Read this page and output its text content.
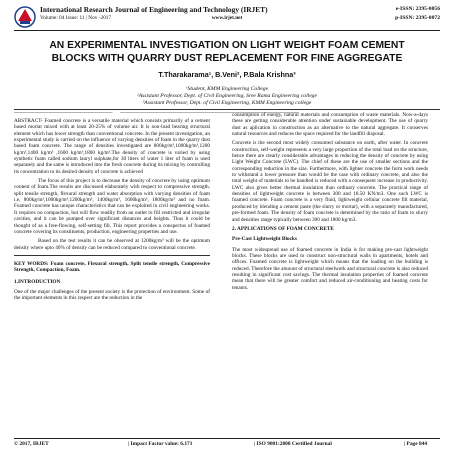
International Research Journal of Engineering and Technology (IRJET)
Volume: 04 Issue: 11 | Nov -2017	www.irjet.net
e-ISSN: 2395-0056
p-ISSN: 2395-0072
AN EXPERIMENTAL INVESTIGATION ON LIGHT WEIGHT FOAM CEMENT
BLOCKS WITH QUARRY DUST REPLACEMENT FOR FINE AGGREGATE
T.Tharakarama¹, B.Veni², P.Bala Krishna³
¹Student, KMM Engineering College
²Assistant Professor, Dept. of Civil Engineering, Sree Rama Engineering college
³Assistant Professor, Dept. of Civil Engineering, KMM Engineering college
------------------------------------------------------------------------ -----------------------------------------------------------------------------------------------------------------------------------

ABSTRACT- Foamed concrete is a versatile material which consists primarily of a cement based mortar mixed with at least 20-25% of volume air. It is non-load bearing structural element which has lower strength than conventional concrete. In the present investigation, an experimental study is carried on the influence of varying densities of foam in the quarry dust based foam concrete. The range of densities investigated are 800kg/m³,1000kg/m³,1200 kg/m³,1400 kg/m³ ,1600 kg/m³,1800 kg/m³.The density of concrete is varied by using synthetic foam called sodium lauryl sulphate,for 30 liters of water 1 liter of foam is used separately and the same is introduced into the fresh concrete during its mixing by controlling its concentration to its desired density of concrete is achieved

The focus of this project is to decrease the density of concrete by using optimum content of foam.The results are discussed elaborately with respect to compressive strength, split tensile strength, flexural strength and water absorption with varying densities of foam i.e, 800kg/m³,1000kg/m³,1200kg/m³, 1400kg/m³, 1600kg/m³, 1800kg/m³ and no foam. Foamed concrete has unique characteristics that can be exploited in civil engineering works. It requires no compaction, but will flow readily from an outlet to fill restricted and irregular cavities, and it can be pumped over significant distances and heights. Thus it could be thought of as a free-flowing, self-setting fill. This report provides a conspectus of foamed concrete covering its constituents, production, engineering properties and use.

Based on the test results it can be observed at 1200kg/m³ will be the optimum density where upto 40% of density can be reduced compared to conventional concrete.

KEY WORDS: Foam concrete, Flexural strength, Split tensile strength, Compressive Strength, Compaction, Foam.
1.INTRODUCTION

One of the major challenges of the present society is the protection of environment. Some of the important elements in this respect are the reduction in the

consumption of energy, natural materials and consumption of waste materials. Now-a-days these are getting considerable attention under sustainable development. The use of quarry dust as aplication in construction as an alternative to the natural aggregate. It conserves natural resources and reduces the space required for the landfill disposal.

Concrete is the second most widely consumed substance on earth, after water. In concrete construction, self-weight represents a very large proportion of the total load on the structure, hence there are clearly considerable advantages in reducing the density of concrete by using Light Weight Concrete (LWC). The chief of these are the use of smaller sections and the corresponding reduction in the size. Furthermore, with lighter concrete the form work needs to withstand a lower pressure than would be the case with ordinary concrete, and also the total weight of materials to be handled is reduced with a consequent increase in productivity. LWC also gives better thermal insulation than ordinary concrete. The practical range of densities of lightweight concrete is between 300 and 18.50 KN/m3. One such LWC is foamed concrete. Foam concrete is a very fluid, lightweight cellular concrete fill material, produced by blending a cement paste (the slurry or mortar), with a separately manufactured, pre-formed foam. The density of foam concrete is determined by the ratio of foam to slurry and densities range typically between 300 and 1800 kg/m3.

2. APPLICATIONS OF FOAM CONCRETE
Pre-Cast Lightweight Blocks

The most widespread use of foamed concrete in India is for making pre-cast lightweight blocks. These blocks are used to construct non-structural walls in apartments, hotels and offices. Foamed concrete is lightweight which means that the loading on the building is reduced. Therefore the amount of structural steelwork and structural concrete is also reduced resulting in significant cost savings. The thermal insulation properties of foamed concrete mean that there will be greater comfort and reduced air-conditioning and heating costs for tenants.

© 2017, IRJET	| Impact Factor value: 6.171	| ISO 9001:2008 Certified Journal	| Page 844
